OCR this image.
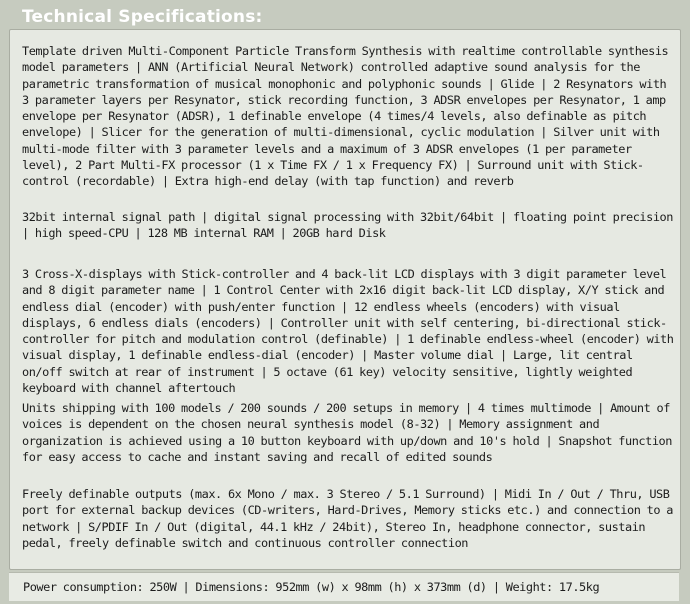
Technical Specifications:

Template driven Multi-Component Particle Transform Synthesis with realtime controllable synthesis model parameters | ANN (Artificial Neural Network) controlled adaptive sound analysis for the parametric transformation of musical monophonic and polyphonic sounds | Glide | 2 Resynators with 3 parameter layers per Resynator, stick recording function, 3 ADSR envelopes per Resynator, 1 amp envelope per Resynator (ADSR), 1 definable envelope (4 times/4 levels, also definable as pitch envelope) | Slicer for the generation of multi-dimensional, cyclic modulation | Silver unit with multi-mode filter with 3 parameter levels and a maximum of 3 ADSR envelopes (1 per parameter level), 2 Part Multi-FX processor (1 x Time FX / 1 x Frequency FX) | Surround unit with Stick-control (recordable) | Extra high-end delay (with tap function) and reverb

32bit internal signal path | digital signal processing with 32bit/64bit | floating point precision | high speed-CPU | 128 MB internal RAM | 20GB hard Disk

3 Cross-X-displays with Stick-controller and 4 back-lit LCD displays with 3 digit parameter level and 8 digit parameter name | 1 Control Center with 2x16 digit back-lit LCD display, X/Y stick and endless dial (encoder) with push/enter function | 12 endless wheels (encoders) with visual displays, 6 endless dials (encoders) | Controller unit with self centering, bi-directional stick-controller for pitch and modulation control (definable) | 1 definable endless-wheel (encoder) with visual display, 1 definable endless-dial (encoder) | Master volume dial | Large, lit central on/off switch at rear of instrument | 5 octave (61 key) velocity sensitive, lightly weighted keyboard with channel aftertouch

Units shipping with 100 models / 200 sounds / 200 setups in memory | 4 times multimode | Amount of voices is dependent on the chosen neural synthesis model (8-32) | Memory assignment and organization is achieved using a 10 button keyboard with up/down and 10's hold | Snapshot function for easy access to cache and instant saving and recall of edited sounds

Freely definable outputs (max. 6x Mono / max. 3 Stereo / 5.1 Surround) | Midi In / Out / Thru, USB port for external backup devices (CD-writers, Hard-Drives, Memory sticks etc.) and connection to a network | S/PDIF In / Out (digital, 44.1 kHz / 24bit), Stereo In, headphone connector, sustain pedal, freely definable switch and continuous controller connection

Power consumption: 250W | Dimensions: 952mm (w) x 98mm (h) x 373mm (d) | Weight: 17.5kg
